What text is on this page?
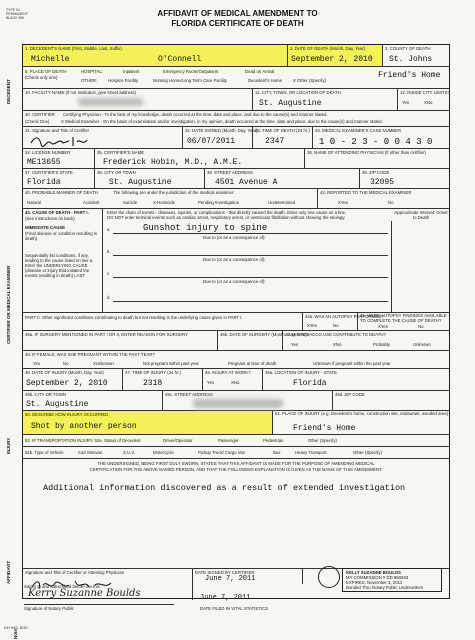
TYPE IN PERMANENT BLACK INK	AFFIDAVIT OF MEDICAL AMENDMENT TO
FLORIDA CERTIFICATE OF DEATH
DECEDENT
CERTIFIER OR MEDICAL EXAMINER
INJURY
AFFIDAVIT
Note
1. DECEDENT'S NAME (First, Middle, Last, Suffix)
Michelle	O'Connell
2. DATE OF DEATH (Month, Day, Year)
September 2, 2010
3. COUNTY OF DEATH
St. Johns
8. PLACE OF DEATH
(Check only one)
HOSPITAL:	Inpatient	Emergency Room/Outpatient	Dead on Arrival
OTHER:	Hospice Facility	Nursing Home/Long Term Care Facility	Decedent's Home	X Other (Specify)
Friend's Home
10. FACILITY NAME (If not institution, give street address)	11. CITY, TOWN, OR LOCATION OF DEATH
St. Augustine
12. INSIDE CITY LIMITS?
Yes	XNo
30. CERTIFIER Certifying Physician - To the best of my knowledge, death occurred at the time, date and place, and due to the cause(s) and manner stated.
(Check One)	X Medical Examiner - On the basis of examination and/or investigation, in my opinion, death occurred at the time, date and place, due to the cause(s) and manner stated.
31. Signature and Title of Certifier	32. DATE SIGNED (Month, Day, Year)
06/07/2011
33. TIME OF DEATH (24 hr.)
2347
33. MEDICAL EXAMINER'S CASE NUMBER
1 0 - 2 3 - 0 0 4 3 0
34. LICENSE NUMBER
ME13655
35. CERTIFIER'S NAME
Frederick Hobin, M.D., A.M.E.
36. NAME OF ATTENDING PHYSICIAN (If other than certifier)
37. CERTIFIER'S STATE
Florida
38. CITY OR TOWN
St. Augustine
39. STREET ADDRESS
4501 Avenue A
39. ZIP CODE
32095
40. PROBABLE MANNER OF DEATH	The following are under the jurisdiction of the medical examiner:
Natural	Accident	Suicide	X Homicide	Pending Investigation	Undetermined
42. REPORTED TO THE MEDICAL EXAMINER
XYes	No
43. CAUSE OF DEATH - PART I.
(See instructions on back)
IMMEDIATE CAUSE
(Final disease or condition resulting in death)
Sequentially list conditions, if any, leading to the cause listed on line a. Enter the UNDERLYING CAUSE (disease or injury that initiated the events resulting in death) LAST
Enter the chain of events - diseases, injuries, or complications - that directly caused the death. Enter only one cause on a line.
DO NOT enter terminal events such as cardiac arrest, respiratory arrest, or ventricular fibrillation without showing the etiology.
Approximate Interval: Onset to Death
a.	Gunshot injury to spine
Due to (or as a consequence of):
b.
Due to (or as a consequence of):
c.
Due to (or as a consequence of):
d.
PART II. Other significant conditions contributing to death but not resulting in the underlying cause given in PART I.	44a. WAS AN AUTOPSY PERFORMED?
XYes	No
45. WERE AUTOPSY FINDINGS AVAILABLE TO COMPLETE THE CAUSE OF DEATH?
XYes	No
46a. IF SURGERY MENTIONED IN PART I OR II, ENTER REASON FOR SURGERY	46b. DATE OF SURGERY (Month, Day, Year)
47. DID TOBACCO USE CONTRIBUTE TO DEATH?
Yes	XNo	Probably	Unknown
48. IF FEMALE, WAS SHE PREGNANT WITHIN THE PAST YEAR?
Yes	No	XUnknown	Not pregnant within past year	Pregnant at time of death	Unknown if pregnant within the past year
48. DATE OF INJURY (Month, Day, Year)
September 2, 2010
47. TIME OF INJURY (24 hr.)
2318
49. INJURY AT WORK?
Yes	XNo
49a. LOCATION OF INJURY - STATE
Florida
49b. CITY OR TOWN
St. Augustine
49c. STREET ADDRESS	49d. ZIP CODE
50. DESCRIBE HOW INJURY OCCURRED
Shot by another person
51. PLACE OF INJURY (e.g. Decedent's home, construction site, restaurant, wooded area)
Friend's Home
52. IF TRANSPORTATION INJURY, 52a. Status of Decedent	Driver/Operator	Passenger	Pedestrian	Other (Specify)
52b. Type of Vehicle	Car/ Minivan	S.U.V.	Motorcycle	Pickup Truck/ Cargo Van	Bus	Heavy Transport	Other (Specify)
THE UNDERSIGNED, BEING FIRST DULY SWORN, STATES THAT THIS AFFIDAVIT IS MADE FOR THE PURPOSE OF AMENDING MEDICAL
CERTIFICATION FOR THE ABOVE NAMED PERSON, AND THAT THE FOLLOWING EXPLANATION IS GIVEN AS THE BASIS OF THIS AMENDMENT:
Additional information discovered as a result of extended investigation
Signature and Title of Certifier or Attesting Physician	DATE SIGNED BY CERTIFIER
June 7, 2011
Sworn to and subscribed before me this
June 7, 2011
Signature of Notary Public
Kerry Suzanne Boulds
DATE FILED IN VITAL STATISTICS
KELLY SUZANNE BOULDS
MY COMMISSION # DD 850563
EXPIRES: November 3, 2012
Bonded Thru Notary Public Underwriters
DH 946, 8/10
